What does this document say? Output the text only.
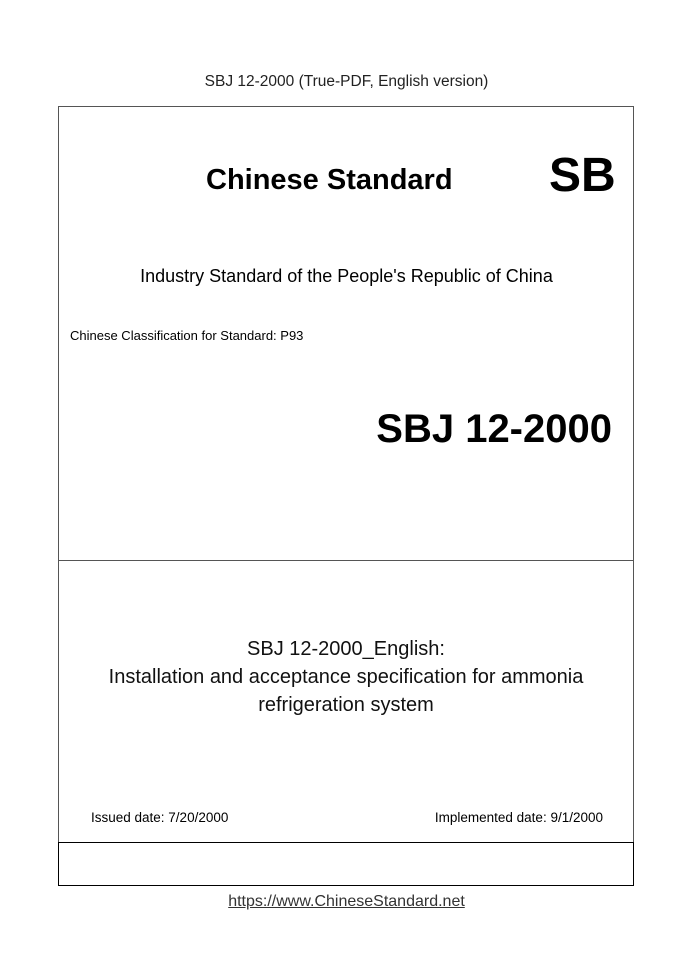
SBJ 12-2000 (True-PDF, English version)
Chinese Standard SB
Industry Standard of the People's Republic of China
Chinese Classification for Standard: P93
SBJ 12-2000
SBJ 12-2000_English:
Installation and acceptance specification for ammonia
refrigeration system
Issued date: 7/20/2000	Implemented date: 9/1/2000
https://www.ChineseStandard.net
